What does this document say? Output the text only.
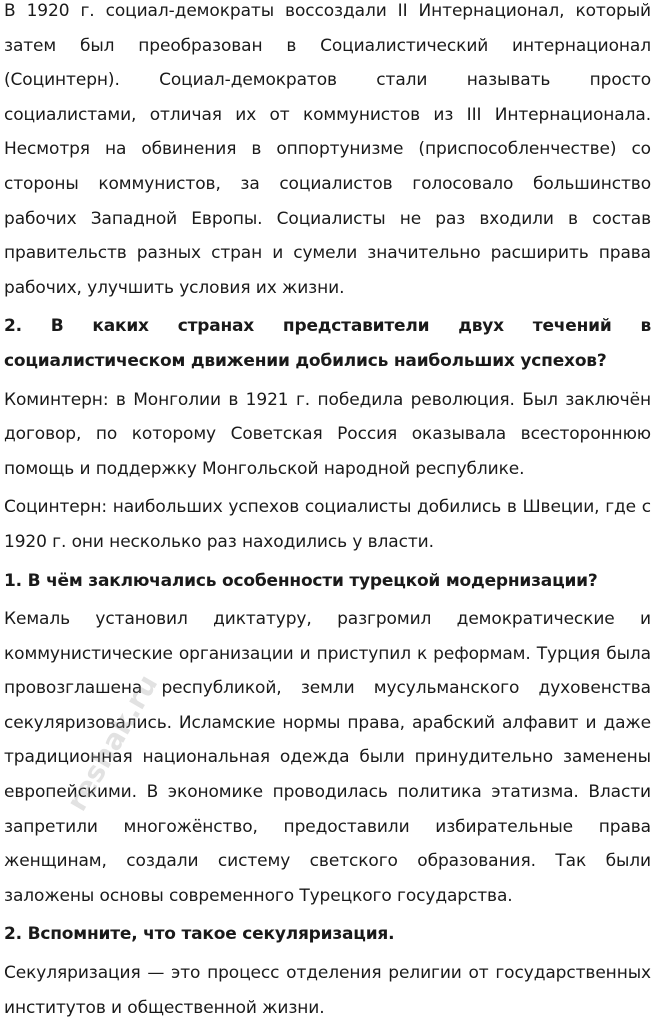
В 1920 г. социал-демократы воссоздали II Интернационал, который затем был преобразован в Социалистический интернационал (Социнтерн). Социал-демократов стали называть просто социалистами, отличая их от коммунистов из III Интернационала. Несмотря на обвинения в оппортунизме (приспособленчестве) со стороны коммунистов, за социалистов голосовало большинство рабочих Западной Европы. Социалисты не раз входили в состав правительств разных стран и сумели значительно расширить права рабочих, улучшить условия их жизни.

2. В каких странах представители двух течений в социалистическом движении добились наибольших успехов?

Коминтерн: в Монголии в 1921 г. победила революция. Был заключён договор, по которому Советская Россия оказывала всестороннюю помощь и поддержку Монгольской народной республике.

Социнтерн: наибольших успехов социалисты добились в Швеции, где с 1920 г. они несколько раз находились у власти.

1. В чём заключались особенности турецкой модернизации?

Кемаль установил диктатуру, разгромил демократические и коммунистические организации и приступил к реформам. Турция была провозглашена республикой, земли мусульманского духовенства секуляризовались. Исламские нормы права, арабский алфавит и даже традиционная национальная одежда были принудительно заменены европейскими. В экономике проводилась политика этатизма. Власти запретили многожёнство, предоставили избирательные права женщинам, создали систему светского образования. Так были заложены основы современного Турецкого государства.

2. Вспомните, что такое секуляризация.

Секуляризация — это процесс отделения религии от государственных институтов и общественной жизни.

reshak.ru
